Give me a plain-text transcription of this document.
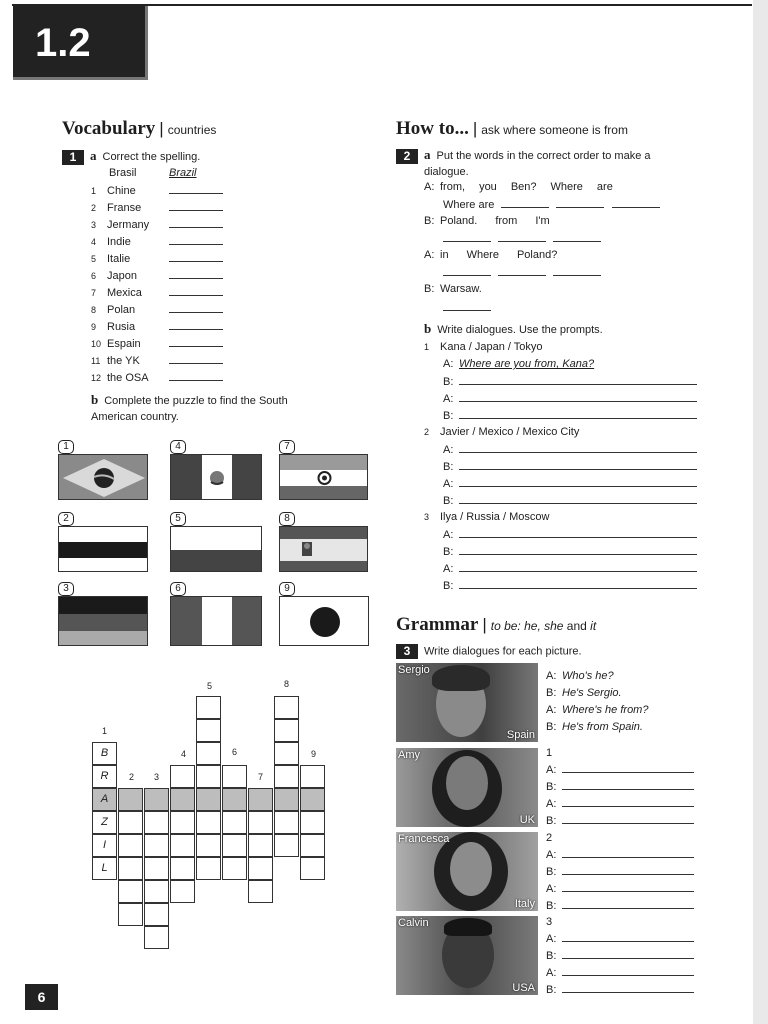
1.2
Vocabulary | countries
1 a Correct the spelling.
Brasil	Brazil
1 Chine
2 Franse
3 Jermany
4 Indie
5 Italie
6 Japon
7 Mexica
8 Polan
9 Rusia
10 Espain
11 the YK
12 the OSA
b Complete the puzzle to find the South
American country.
1
2
3
4
5
6
7
8
9
5	8
1
4	6	9
2 3	7
B
R
A
Z
I
L
How to... | ask where someone is from
2 a Put the words in the correct order to make a
dialogue.
A: from, you Ben? Where are
Where are
B: Poland. from I'm

A: in Where Poland?

B: Warsaw.
b Write dialogues. Use the prompts.
1 Kana / Japan / Tokyo
A: Where are you from, Kana?
B:
A:
B:
2 Javier / Mexico / Mexico City
A:
B:
A:
B:
3 Ilya / Russia / Moscow
A:
B:
A:
B:
Grammar | to be: he, she and it
3 Write dialogues for each picture.
Sergio
Spain
A: Who's he?
B: He's Sergio.
A: Where's he from?
B: He's from Spain.
Amy
UK
1
A:
B:
A:
B:
Francesca
Italy
2
A:
B:
A:
B:
Calvin
USA
3
A:
B:
A:
B:
6
